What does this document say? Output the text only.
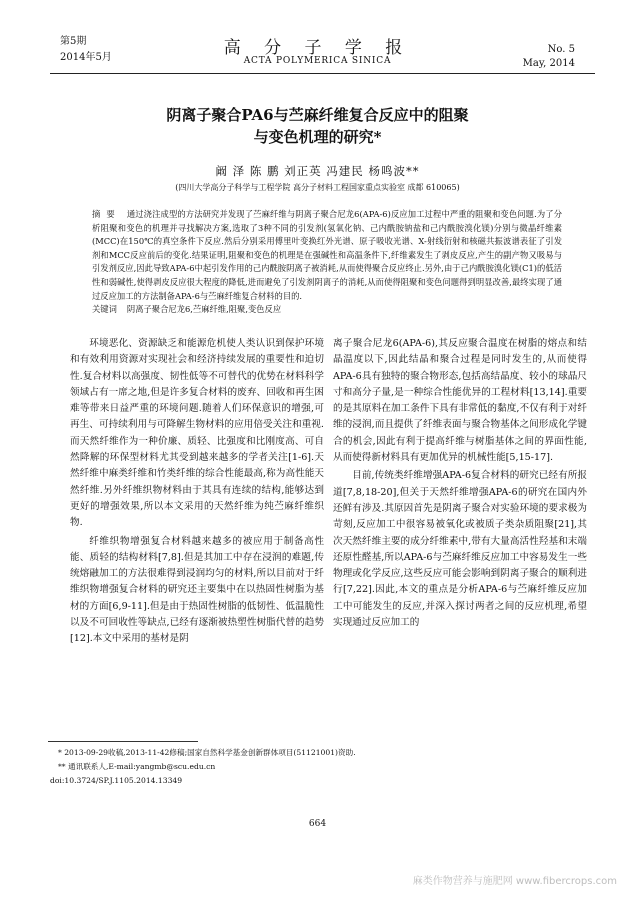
第5期
2014年5月	高 分 子 学 报
ACTA POLYMERICA SINICA
No. 5
May, 2014
阴离子聚合PA6与苎麻纤维复合反应中的阻聚
与变色机理的研究*
阚 泽 陈 鹏 刘正英 冯建民 杨鸣波**
(四川大学高分子科学与工程学院 高分子材料工程国家重点实验室 成都 610065)
摘要 通过浇注成型的方法研究并发现了苎麻纤维与阴离子聚合尼龙6(APA-6)反应加工过程中严重的阻聚和变色问题.为了分析阻聚和变色的机理并寻找解决方案,选取了3种不同的引发剂(氢氧化钠、己内酰胺钠盐和己内酰胺溴化镁)分别与微晶纤维素(MCC)在150℃的真空条件下反应.然后分别采用傅里叶变换红外光谱、原子吸收光谱、X-射线衍射和核磁共振波谱表征了引发剂和MCC反应前后的变化.结果证明,阻聚和变色的机理是在强碱性和高温条件下,纤维素发生了剥皮反应,产生的副产物又吸易与引发剂反应,因此导致APA-6中起引发作用的己内酰胺阴离子被消耗,从而使得聚合反应终止.另外,由于己内酰胺溴化镁(C1)的低活性和弱碱性,使得剥皮反应很大程度的降低,进而避免了引发剂阴离子的消耗,从而使得阻聚和变色问题得到明显改善,最终实现了通过反应加工的方法制备APA-6与苎麻纤维复合材料的目的.
关键词 阴离子聚合尼龙6,苎麻纤维,阻聚,变色反应

环境恶化、资源缺乏和能源危机使人类认识到保护环境和有效利用资源对实现社会和经济持续发展的重要性和迫切性.复合材料以高强度、韧性低等不可替代的优势在材料科学领域占有一席之地,但是许多复合材料的废弃、回收和再生困难等带来日益严重的环境问题.随着人们环保意识的增强,可再生、可持续利用与可降解生物材料的应用倍受关注和重视.而天然纤维作为一种价廉、质轻、比强度和比刚度高、可自然降解的环保型材料尤其受到越来越多的学者关注[1-6].天然纤维中麻类纤维和竹类纤维的综合性能最高,称为高性能天然纤维.另外纤维织物材料由于其具有连续的结构,能够达到更好的增强效果,所以本文采用的天然纤维为纯苎麻纤维织物.

纤维织物增强复合材料越来越多的被应用于制备高性能、质轻的结构材料[7,8].但是其加工中存在浸润的难题,传统熔融加工的方法很难得到浸润均匀的材料,所以目前对于纤维织物增强复合材料的研究还主要集中在以热固性树脂为基材的方面[6,9-11].但是由于热固性树脂的低韧性、低温脆性以及不可回收性等缺点,已经有逐渐被热塑性树脂代替的趋势[12].本文中采用的基材是阴

离子聚合尼龙6(APA-6),其反应聚合温度在树脂的熔点和结晶温度以下,因此结晶和聚合过程是同时发生的,从而使得APA-6具有独特的聚合物形态,包括高结晶度、较小的球晶尺寸和高分子量,是一种综合性能优异的工程材料[13,14].重要的是其原料在加工条件下具有非常低的黏度,不仅有利于对纤维的浸润,而且提供了纤维表面与聚合物基体之间形成化学键合的机会,因此有利于提高纤维与树脂基体之间的界面性能,从而使得新材料具有更加优异的机械性能[5,15-17].

目前,传统类纤维增强APA-6复合材料的研究已经有所报道[7,8,18-20],但关于天然纤维增强APA-6的研究在国内外还鲜有涉及.其原因首先是阴离子聚合对实验环境的要求极为苛刻,反应加工中很容易被氧化或被质子类杂质阻聚[21],其次天然纤维主要的成分纤维素中,带有大量高活性羟基和末端还原性醛基,所以APA-6与苎麻纤维反应加工中容易发生一些物理或化学反应,这些反应可能会影响到阴离子聚合的顺利进行[7,22].因此,本文的重点是分析APA-6与苎麻纤维反应加工中可能发生的反应,并深入探讨两者之间的反应机理,希望实现通过反应加工的

* 2013-09-29收稿,2013-11-42修稿;国家自然科学基金创新群体项目(51121001)资助.
** 通讯联系人,E-mail:yangmb@scu.edu.cn
doi:10.3724/SP.J.1105.2014.13349
664
麻类作物营养与施肥网 www.fibercrops.com
